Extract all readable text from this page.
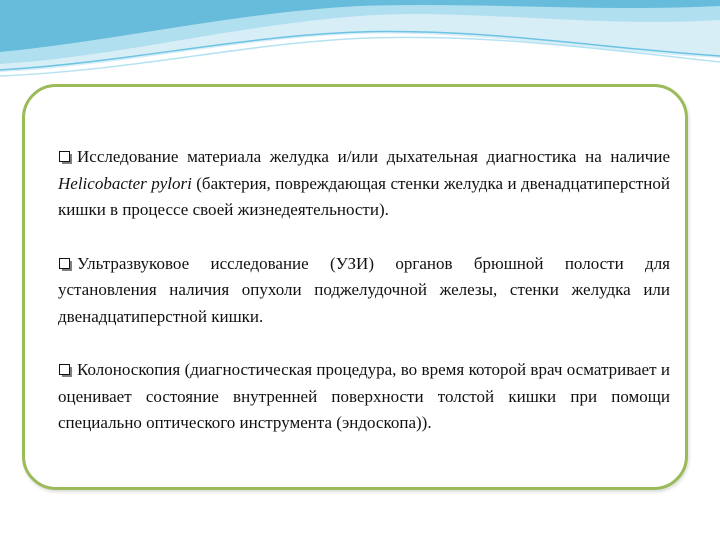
Исследование материала желудка и/или дыхательная диагностика на наличие Helicobacter pylori (бактерия, повреждающая стенки желудка и двенадцатиперстной кишки в процессе своей жизнедеятельности).

Ультразвуковое исследование (УЗИ) органов брюшной полости для установления наличия опухоли поджелудочной железы, стенки желудка или двенадцатиперстной кишки.

Колоноскопия (диагностическая процедура, во время которой врач осматривает и оценивает состояние внутренней поверхности толстой кишки при помощи специально оптического инструмента (эндоскопа)).
